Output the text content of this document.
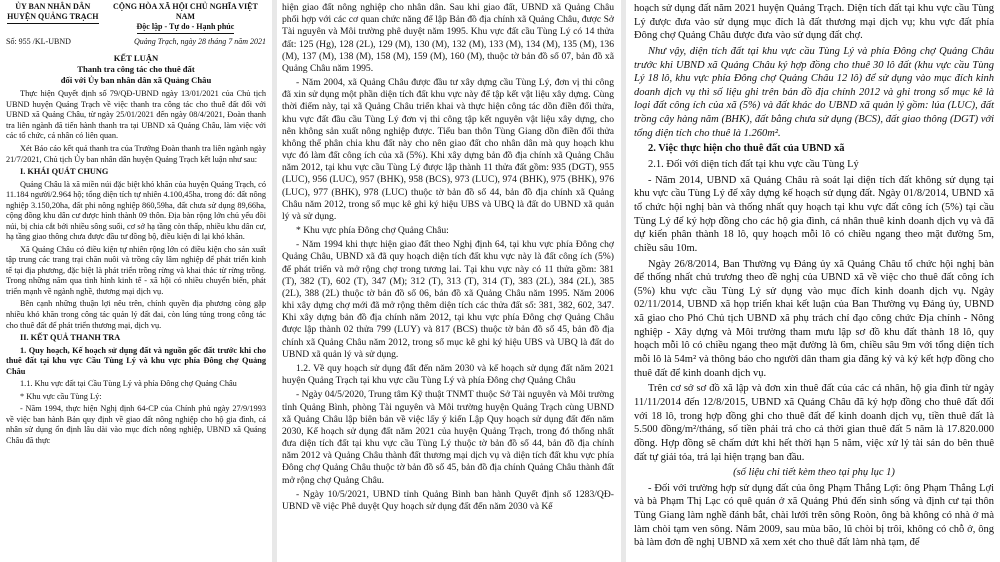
ỦY BAN NHÂN DÂN
HUYỆN QUẢNG TRẠCH
CỘNG HÒA XÃ HỘI CHỦ NGHĨA VIỆT NAM
Độc lập - Tự do - Hạnh phúc
Số: 955 /KL-UBND	Quảng Trạch, ngày 28 tháng 7 năm 2021
KẾT LUẬN
Thanh tra công tác cho thuê đất
đối với Ủy ban nhân dân xã Quảng Châu

Thực hiện Quyết định số 79/QĐ-UBND ngày 13/01/2021 của Chủ tịch UBND huyện Quảng Trạch về việc thanh tra công tác cho thuê đất đối với UBND xã Quảng Châu, từ ngày 25/01/2021 đến ngày 08/4/2021, Đoàn thanh tra liên ngành đã tiến hành thanh tra tại UBND xã Quảng Châu, làm việc với các tổ chức, cá nhân có liên quan.

Xét Báo cáo kết quả thanh tra của Trưởng Đoàn thanh tra liên ngành ngày 21/7/2021, Chủ tịch Ủy ban nhân dân huyện Quảng Trạch kết luận như sau:

I. KHÁI QUÁT CHUNG

Quảng Châu là xã miền núi đặc biệt khó khăn của huyện Quảng Trạch, có 11.184 người/2.964 hộ; tổng diện tích tự nhiên 4.100,45ha, trong đó: đất nông nghiệp 3.150,20ha, đất phi nông nghiệp 860,59ha, đất chưa sử dụng 89,66ha, cộng đồng khu dân cư được hình thành 09 thôn. Địa bàn rộng lớn chủ yếu đồi núi, bị chia cắt bởi nhiều sông suối, cơ sở hạ tầng còn thấp, nhiều khu dân cư, hạ tầng giao thông chưa được đầu tư đồng bộ, điều kiện đi lại khó khăn.

Xã Quảng Châu có điều kiện tự nhiên rộng lớn có điều kiện cho sản xuất tập trung các trang trại chăn nuôi và trồng cây lâm nghiệp để phát triển kinh tế tại địa phương, đặc biệt là phát triển trồng rừng và khai thác từ rừng trồng. Trong những năm qua tình hình kinh tế - xã hội có nhiều chuyển biến, phát triển mạnh về ngành nghề, thương mại dịch vụ.

Bên cạnh những thuận lợi nêu trên, chính quyền địa phương còng gặp nhiều khó khăn trong công tác quản lý đất đai, còn lúng túng trong công tác cho thuê đất để phát triển thương mại, dịch vụ.

II. KẾT QUẢ THANH TRA

1. Quy hoạch, Kế hoạch sử dụng đất và nguồn gốc đất trước khi cho thuê đất tại khu vực Cầu Tùng Lý và khu vực phía Đông chợ Quảng Châu

1.1. Khu vực đất tại Cầu Tùng Lý và phía Đông chợ Quảng Châu

* Khu vực cầu Tùng Lý:

- Năm 1994, thực hiện Nghị định 64-CP của Chính phủ ngày 27/9/1993 về việc ban hành Bản quy định về giao đất nông nghiệp cho hộ gia đình, cá nhân sử dụng ổn định lâu dài vào mục đích nông nghiệp, UBND xã Quảng Châu đã thực

hiện giao đất nông nghiệp cho nhân dân. Sau khi giao đất, UBND xã Quảng Châu phối hợp với các cơ quan chức năng để lập Bản đồ địa chính xã Quảng Châu, được Sở Tài nguyên và Môi trường phê duyệt năm 1995. Khu vực đất cầu Tùng Lý có 14 thửa đất: 125 (Hg), 128 (2L), 129 (M), 130 (M), 132 (M), 133 (M), 134 (M), 135 (M), 136 (M), 137 (M), 138 (M), 158 (M), 159 (M), 160 (M), thuộc tờ bản đồ số 07, bản đồ xã Quảng Châu năm 1995.

- Năm 2004, xã Quảng Châu được đầu tư xây dựng cầu Tùng Lý, đơn vị thi công đã xin sử dụng một phần diện tích đất khu vực này để tập kết vật liệu xây dựng. Cùng thời điểm này, tại xã Quảng Châu triển khai và thực hiện công tác dồn điền đổi thửa, khu vực đất đầu cầu Tùng Lý đơn vị thi công tập kết nguyên vật liệu xây dựng, cho nên không sản xuất nông nghiệp được. Tiểu ban thôn Tùng Giang dồn điền đổi thửa không thể phân chia khu đất này cho nên giao đất cho nhân dân mà quy hoạch khu vực đó làm đất công ích của xã (5%). Khi xây dựng bản đồ địa chính xã Quảng Châu năm 2012, tại khu vực cầu Tùng Lý được lập thành 11 thửa đất gồm: 935 (DGT), 955 (LUC), 956 (LUC), 957 (BHK), 958 (BCS), 973 (LUC), 974 (BHK), 975 (BHK), 976 (LUC), 977 (BHK), 978 (LUC) thuộc tờ bản đồ số 44, bản đồ địa chính xã Quảng Châu năm 2012, trong sổ mục kê ghi ký hiệu UBS và UBQ là đất do UBND xã quản lý và sử dụng.

* Khu vực phía Đông chợ Quảng Châu:

- Năm 1994 khi thực hiện giao đất theo Nghị định 64, tại khu vực phía Đông chợ Quảng Châu, UBND xã đã quy hoạch diện tích đất khu vực này là đất công ích (5%) để phát triển và mở rộng chợ trong tương lai. Tại khu vực này có 11 thửa gồm: 381 (T), 382 (T), 602 (T), 347 (M); 312 (T), 313 (T), 314 (T), 383 (2L), 384 (2L), 385 (2L), 388 (2L) thuộc tờ bản đồ số 06, bản đồ xã Quảng Châu năm 1995. Năm 2006 khi xây dựng chợ mới đã mở rộng thêm diện tích các thửa đất số: 381, 382, 602, 347. Khi xây dựng bản đồ địa chính năm 2012, tại khu vực phía Đông chợ Quảng Châu được lập thành 02 thửa 799 (LUY) và 817 (BCS) thuộc tờ bản đồ số 45, bản đồ địa chính xã Quảng Châu năm 2012, trong sổ mục kê ghi ký hiệu UBS và UBQ là đất do UBND xã quản lý và sử dụng.

1.2. Về quy hoạch sử dụng đất đến năm 2030 và kế hoạch sử dụng đất năm 2021 huyện Quảng Trạch tại khu vực cầu Tùng Lý và phía Đông chợ Quảng Châu

- Ngày 04/5/2020, Trung tâm Kỹ thuật TNMT thuộc Sở Tài nguyên và Môi trường tỉnh Quảng Bình, phòng Tài nguyên và Môi trường huyện Quảng Trạch cùng UBND xã Quảng Châu lập biên bản về việc lấy ý kiến Lập Quy hoạch sử dụng đất đến năm 2030, Kế hoạch sử dụng đất năm 2021 của huyện Quảng Trạch, trong đó thống nhất đưa diện tích đất tại khu vực cầu Tùng Lý thuộc tờ bản đồ số 44, bản đồ địa chính năm 2012 và Quảng Châu thành đất thương mại dịch vụ và diện tích đất khu vực phía Đông chợ Quảng Châu thuộc tờ bản đồ số 45, bản đồ địa chính Quảng Châu thành đất mở rộng chợ Quảng Châu.

- Ngày 10/5/2021, UBND tỉnh Quảng Bình ban hành Quyết định số 1283/QĐ-UBND về việc Phê duyệt Quy hoạch sử dụng đất đến năm 2030 và Kế

hoạch sử dụng đất năm 2021 huyện Quảng Trạch. Diện tích đất tại khu vực cầu Tùng Lý được đưa vào sử dụng mục đích là đất thương mại dịch vụ; khu vực đất phía Đông chợ Quảng Châu được đưa vào sử dụng đất chợ.

Như vậy, diện tích đất tại khu vực cầu Tùng Lý và phía Đông chợ Quảng Châu trước khi UBND xã Quảng Châu ký hợp đồng cho thuê 30 lô đất (khu vực cầu Tùng Lý 18 lô, khu vực phía Đông chợ Quảng Châu 12 lô) để sử dụng vào mục đích kinh doanh dịch vụ thì số liệu ghi trên bản đồ địa chính 2012 và ghi trong sổ mục kê là loại đất công ích của xã (5%) và đất khác do UBND xã quản lý gồm: lúa (LUC), đất trồng cây hàng năm (BHK), đất bằng chưa sử dụng (BCS), đất giao thông (DGT) với tổng diện tích cho thuê là 1.260m².

2. Việc thực hiện cho thuê đất của UBND xã

2.1. Đối với diện tích đất tại khu vực cầu Tùng Lý

- Năm 2014, UBND xã Quảng Châu rà soát lại diện tích đất không sử dụng tại khu vực cầu Tùng Lý để xây dựng kế hoạch sử dụng đất. Ngày 01/8/2014, UBND xã tổ chức hội nghị bàn và thống nhất quy hoạch tại khu vực đất công ích (5%) tại cầu Tùng Lý để ký hợp đồng cho các hộ gia đình, cá nhân thuê kinh doanh dịch vụ và đã dự kiến phân thành 18 lô, quy hoạch mỗi lô có chiều ngang theo mặt đường 5m, chiều sâu 10m.

Ngày 26/8/2014, Ban Thường vụ Đảng ủy xã Quảng Châu tổ chức hội nghị bàn để thống nhất chủ trương theo đề nghị của UBND xã về việc cho thuê đất công ích (5%) khu vực cầu Tùng Lý sử dụng vào mục đích kinh doanh dịch vụ. Ngày 02/11/2014, UBND xã họp triển khai kết luận của Ban Thường vụ Đảng ủy, UBND xã giao cho Phó Chủ tịch UBND xã phụ trách chỉ đạo công chức Địa chính - Nông nghiệp - Xây dựng và Môi trường tham mưu lập sơ đồ khu đất thành 18 lô, quy hoạch mỗi lô có chiều ngang theo mặt đường là 6m, chiều sâu 9m với tổng diện tích mỗi lô là 54m² và thông báo cho người dân tham gia đăng ký và ký kết hợp đồng cho thuê đất để kinh doanh dịch vụ.

Trên cơ sở sơ đồ xã lập và đơn xin thuê đất của các cá nhân, hộ gia đình từ ngày 11/11/2014 đến 12/8/2015, UBND xã Quảng Châu đã ký hợp đồng cho thuê đất đối với 18 lô, trong hợp đồng ghi cho thuê đất để kinh doanh dịch vụ, tiền thuê đất là 5.500 đồng/m²/tháng, số tiền phải trả cho cả thời gian thuê đất 5 năm là 17.820.000 đồng. Hợp đồng sẽ chấm dứt khi hết thời hạn 5 năm, việc xử lý tài sản do bên thuê đất tự giải tỏa, trả lại hiện trạng ban đầu.

(số liệu chi tiết kèm theo tại phụ lục 1)

- Đối với trường hợp sử dụng đất của ông Phạm Thắng Lợi: ông Phạm Thắng Lợi và bà Phạm Thị Lạc có quê quán ở xã Quảng Phú đến sinh sống và định cư tại thôn Tùng Giang làm nghề đánh bắt, chài lưới trên sông Roòn, ông bà không có nhà ở mà làm chòi tạm ven sông. Năm 2009, sau mùa bão, lũ chòi bị trôi, không có chỗ ở, ông bà làm đơn đề nghị UBND xã xem xét cho thuê đất làm nhà tạm, để
